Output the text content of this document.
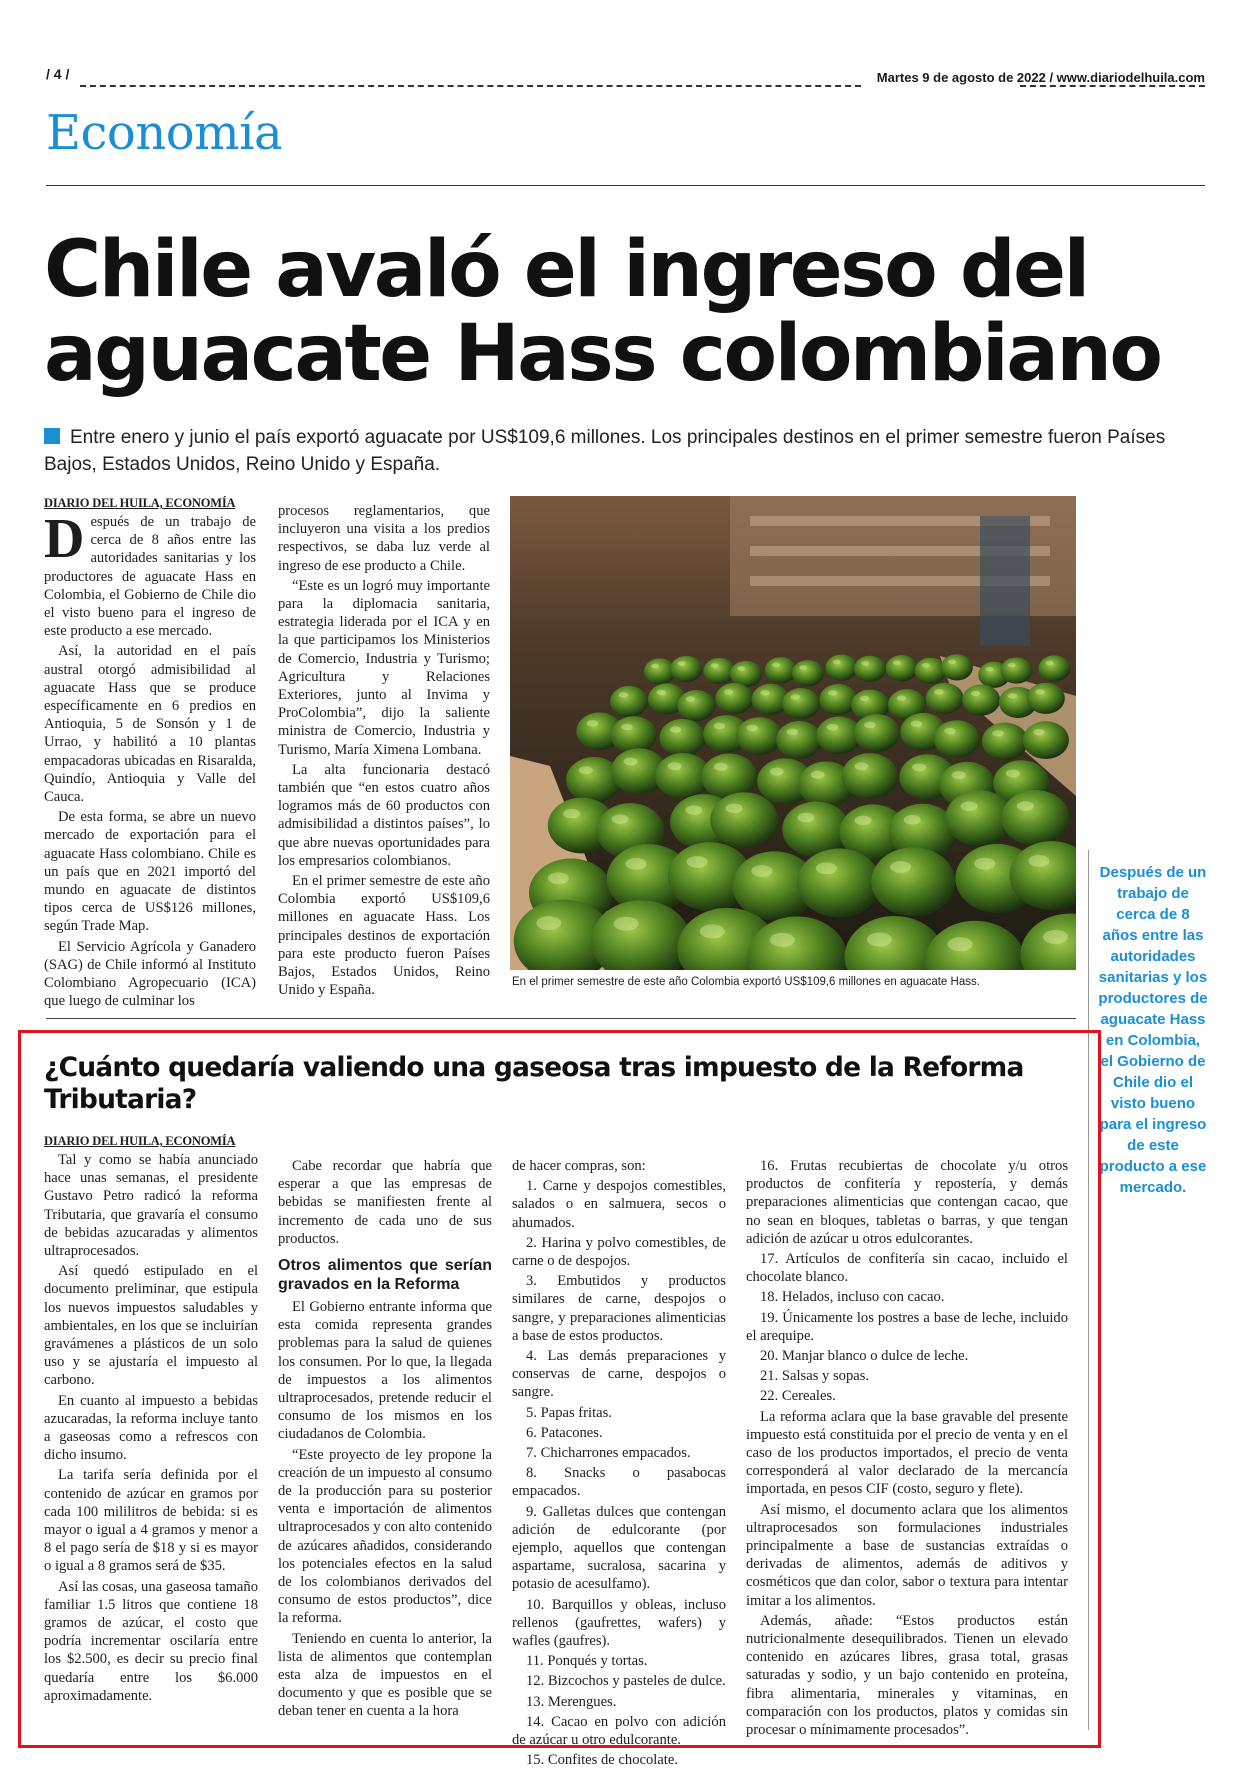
/ 4 /	Martes 9 de agosto de 2022 / www.diariodelhuila.com
Economía
Chile avaló el ingreso del aguacate Hass colombiano
Entre enero y junio el país exportó aguacate por US$109,6 millones. Los principales destinos en el primer semestre fueron Países Bajos, Estados Unidos, Reino Unido y España.

DIARIO DEL HUILA, ECONOMÍA

Después de un trabajo de cerca de 8 años entre las autoridades sanitarias y los productores de aguacate Hass en Colombia, el Gobierno de Chile dio el visto bueno para el ingreso de este producto a ese mercado.

Así, la autoridad en el país austral otorgó admisibilidad al aguacate Hass que se produce específicamente en 6 predios en Antioquia, 5 de Sonsón y 1 de Urrao, y habilitó a 10 plantas empacadoras ubicadas en Risaralda, Quindío, Antioquia y Valle del Cauca.

De esta forma, se abre un nuevo mercado de exportación para el aguacate Hass colombiano. Chile es un país que en 2021 importó del mundo en aguacate de distintos tipos cerca de US$126 millones, según Trade Map.

El Servicio Agrícola y Ganadero (SAG) de Chile informó al Instituto Colombiano Agropecuario (ICA) que luego de culminar los

procesos reglamentarios, que incluyeron una visita a los predios respectivos, se daba luz verde al ingreso de ese producto a Chile.

“Este es un logró muy importante para la diplomacia sanitaria, estrategia liderada por el ICA y en la que participamos los Ministerios de Comercio, Industria y Turismo; Agricultura y Relaciones Exteriores, junto al Invima y ProColombia”, dijo la saliente ministra de Comercio, Industria y Turismo, María Ximena Lombana.

La alta funcionaria destacó también que “en estos cuatro años logramos más de 60 productos con admisibilidad a distintos países”, lo que abre nuevas oportunidades para los empresarios colombianos.

En el primer semestre de este año Colombia exportó US$109,6 millones en aguacate Hass. Los principales destinos de exportación para este producto fueron Países Bajos, Estados Unidos, Reino Unido y España.

En el primer semestre de este año Colombia exportó US$109,6 millones en aguacate Hass.
Después de un trabajo de cerca de 8 años entre las autoridades sanitarias y los productores de aguacate Hass en Colombia, el Gobierno de Chile dio el visto bueno para el ingreso de este producto a ese mercado.
¿Cuánto quedaría valiendo una gaseosa tras impuesto de la Reforma Tributaria?

DIARIO DEL HUILA, ECONOMÍA

Tal y como se había anunciado hace unas semanas, el presidente Gustavo Petro radicó la reforma Tributaria, que gravaría el consumo de bebidas azucaradas y alimentos ultraprocesados.

Así quedó estipulado en el documento preliminar, que estipula los nuevos impuestos saludables y ambientales, en los que se incluirían gravámenes a plásticos de un solo uso y se ajustaría el impuesto al carbono.

En cuanto al impuesto a bebidas azucaradas, la reforma incluye tanto a gaseosas como a refrescos con dicho insumo.

La tarifa sería definida por el contenido de azúcar en gramos por cada 100 mililitros de bebida: si es mayor o igual a 4 gramos y menor a 8 el pago sería de $18 y si es mayor o igual a 8 gramos será de $35.

Así las cosas, una gaseosa tamaño familiar 1.5 litros que contiene 18 gramos de azúcar, el costo que podría incrementar oscilaría entre los $2.500, es decir su precio final quedaría entre los $6.000 aproximadamente.

Cabe recordar que habría que esperar a que las empresas de bebidas se manifiesten frente al incremento de cada uno de sus productos.

Otros alimentos que serían gravados en la Reforma

El Gobierno entrante informa que esta comida representa grandes problemas para la salud de quienes los consumen. Por lo que, la llegada de impuestos a los alimentos ultraprocesados, pretende reducir el consumo de los mismos en los ciudadanos de Colombia.

“Este proyecto de ley propone la creación de un impuesto al consumo de la producción para su posterior venta e importación de alimentos ultraprocesados y con alto contenido de azúcares añadidos, considerando los potenciales efectos en la salud de los colombianos derivados del consumo de estos productos”, dice la reforma.

Teniendo en cuenta lo anterior, la lista de alimentos que contemplan esta alza de impuestos en el documento y que es posible que se deban tener en cuenta a la hora

de hacer compras, son:

1. Carne y despojos comestibles, salados o en salmuera, secos o ahumados.

2. Harina y polvo comestibles, de carne o de despojos.

3. Embutidos y productos similares de carne, despojos o sangre, y preparaciones alimenticias a base de estos productos.

4. Las demás preparaciones y conservas de carne, despojos o sangre.

5. Papas fritas.

6. Patacones.

7. Chicharrones empacados.

8. Snacks o pasabocas empacados.

9. Galletas dulces que contengan adición de edulcorante (por ejemplo, aquellos que contengan aspartame, sucralosa, sacarina y potasio de acesulfamo).

10. Barquillos y obleas, incluso rellenos (gaufrettes, wafers) y wafles (gaufres).

11. Ponqués y tortas.

12. Bizcochos y pasteles de dulce.

13. Merengues.

14. Cacao en polvo con adición de azúcar u otro edulcorante.

15. Confites de chocolate.

16. Frutas recubiertas de chocolate y/u otros productos de confitería y repostería, y demás preparaciones alimenticias que contengan cacao, que no sean en bloques, tabletas o barras, y que tengan adición de azúcar u otros edulcorantes.

17. Artículos de confitería sin cacao, incluido el chocolate blanco.

18. Helados, incluso con cacao.

19. Únicamente los postres a base de leche, incluido el arequipe.

20. Manjar blanco o dulce de leche.

21. Salsas y sopas.

22. Cereales.

La reforma aclara que la base gravable del presente impuesto está constituida por el precio de venta y en el caso de los productos importados, el precio de venta corresponderá al valor declarado de la mercancía importada, en pesos CIF (costo, seguro y flete).

Así mismo, el documento aclara que los alimentos ultraprocesados son formulaciones industriales principalmente a base de sustancias extraídas o derivadas de alimentos, además de aditivos y cosméticos que dan color, sabor o textura para intentar imitar a los alimentos.

Además, añade: “Estos productos están nutricionalmente desequilibrados. Tienen un elevado contenido en azúcares libres, grasa total, grasas saturadas y sodio, y un bajo contenido en proteína, fibra alimentaria, minerales y vitaminas, en comparación con los productos, platos y comidas sin procesar o mínimamente procesados”.
